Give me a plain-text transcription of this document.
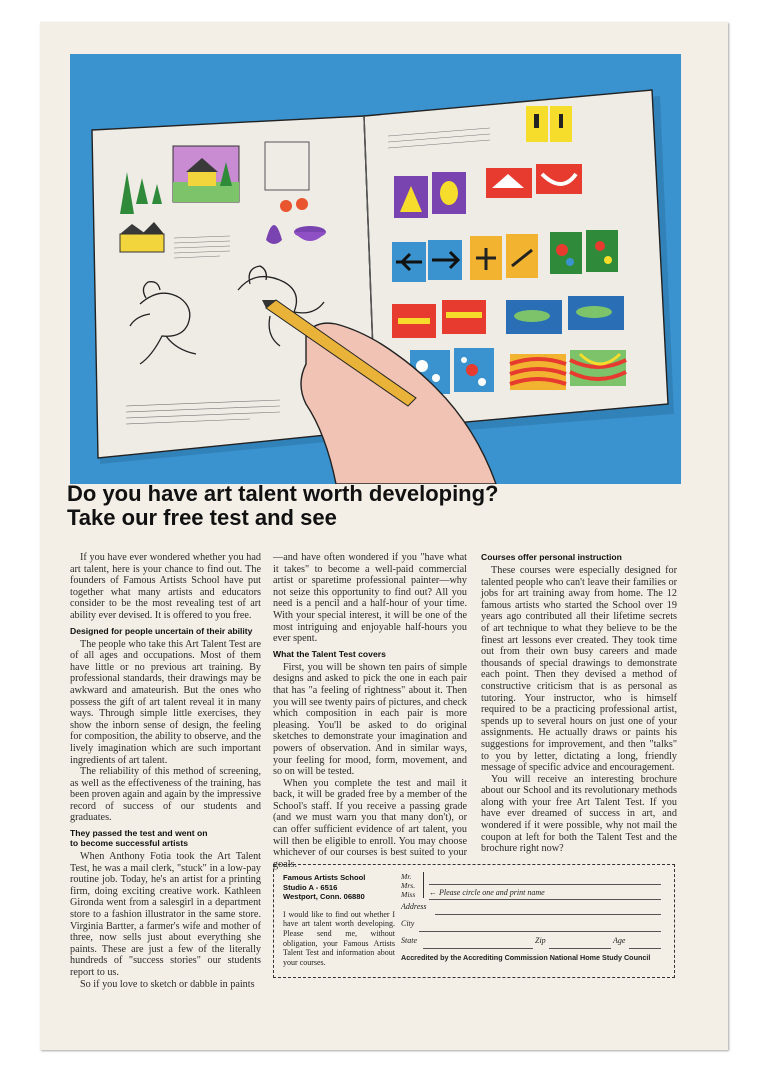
Do you have art talent worth developing?
Take our free test and see

If you have ever wondered whether you had art talent, here is your chance to find out. The founders of Famous Artists School have put together what many artists and educators consider to be the most revealing test of art ability ever devised. It is offered to you free.

Designed for people uncertain of their ability

The people who take this Art Talent Test are of all ages and occupations. Most of them have little or no previous art training. By professional standards, their drawings may be awkward and amateurish. But the ones who possess the gift of art talent reveal it in many ways. Through simple little exercises, they show the inborn sense of design, the feeling for composition, the ability to observe, and the lively imagination which are such important ingredients of art talent.

The reliability of this method of screening, as well as the effectiveness of the training, has been proven again and again by the impressive record of success of our students and graduates.

They passed the test and went on
to become successful artists

When Anthony Fotia took the Art Talent Test, he was a mail clerk, "stuck" in a low-pay routine job. Today, he's an artist for a printing firm, doing exciting creative work. Kathleen Gironda went from a salesgirl in a department store to a fashion illustrator in the same store. Virginia Bartter, a farmer's wife and mother of three, now sells just about everything she paints. These are just a few of the literally hundreds of "success stories" our students report to us.

So if you love to sketch or dabble in paints

—and have often wondered if you "have what it takes" to become a well-paid commercial artist or sparetime professional painter—why not seize this opportunity to find out? All you need is a pencil and a half-hour of your time. With your special interest, it will be one of the most intriguing and enjoyable half-hours you ever spent.

What the Talent Test covers

First, you will be shown ten pairs of simple designs and asked to pick the one in each pair that has "a feeling of rightness" about it. Then you will see twenty pairs of pictures, and check which composition in each pair is more pleasing. You'll be asked to do original sketches to demonstrate your imagination and powers of observation. And in similar ways, your feeling for mood, form, movement, and so on will be tested.

When you complete the test and mail it back, it will be graded free by a member of the School's staff. If you receive a passing grade (and we must warn you that many don't), or can offer sufficient evidence of art talent, you will then be eligible to enroll. You may choose whichever of our courses is best suited to your goals.

Courses offer personal instruction

These courses were especially designed for talented people who can't leave their families or jobs for art training away from home. The 12 famous artists who started the School over 19 years ago contributed all their lifetime secrets of art technique to what they believe to be the finest art lessons ever created. They took time out from their own busy careers and made thousands of special drawings to demonstrate each point. Then they devised a method of constructive criticism that is as personal as tutoring. Your instructor, who is himself required to be a practicing professional artist, spends up to several hours on just one of your assignments. He actually draws or paints his suggestions for improvement, and then "talks" to you by letter, dictating a long, friendly message of specific advice and encouragement.

You will receive an interesting brochure about our School and its revolutionary methods along with your free Art Talent Test. If you have ever dreamed of success in art, and wondered if it were possible, why not mail the coupon at left for both the Talent Test and the brochure right now?

Famous Artists School
Studio A - 6516
Westport, Conn. 06880
I would like to find out whether I have art talent worth developing. Please send me, without obligation, your Famous Artists Talent Test and information about your courses.
Mr.
Mrs.
Miss ← Please circle one and print name
Address
City
State	Zip	Age
Accredited by the Accrediting Commission National Home Study Council
